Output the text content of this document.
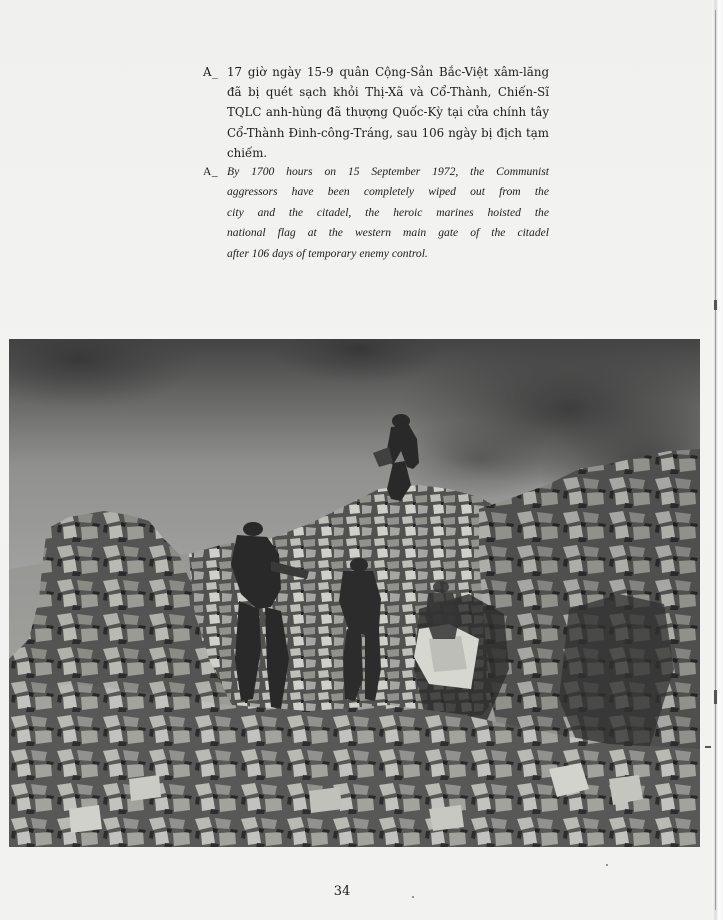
A_ 17 giờ ngày 15-9 quân Cộng-Sản Bắc-Việt xâm-lăng
đã bị quét sạch khỏi Thị-Xã và Cổ-Thành, Chiến-Sĩ
TQLC anh-hùng đã thượng Quốc-Kỳ tại cửa chính tây
Cổ-Thành Đinh-công-Tráng, sau 106 ngày bị địch tạm
chiếm.
A_ By 1700 hours on 15 September 1972, the Communist
aggressors have been completely wiped out from the
city and the citadel, the heroic marines hoisted the
national flag at the western main gate of the citadel
after 106 days of temporary enemy control.
34
